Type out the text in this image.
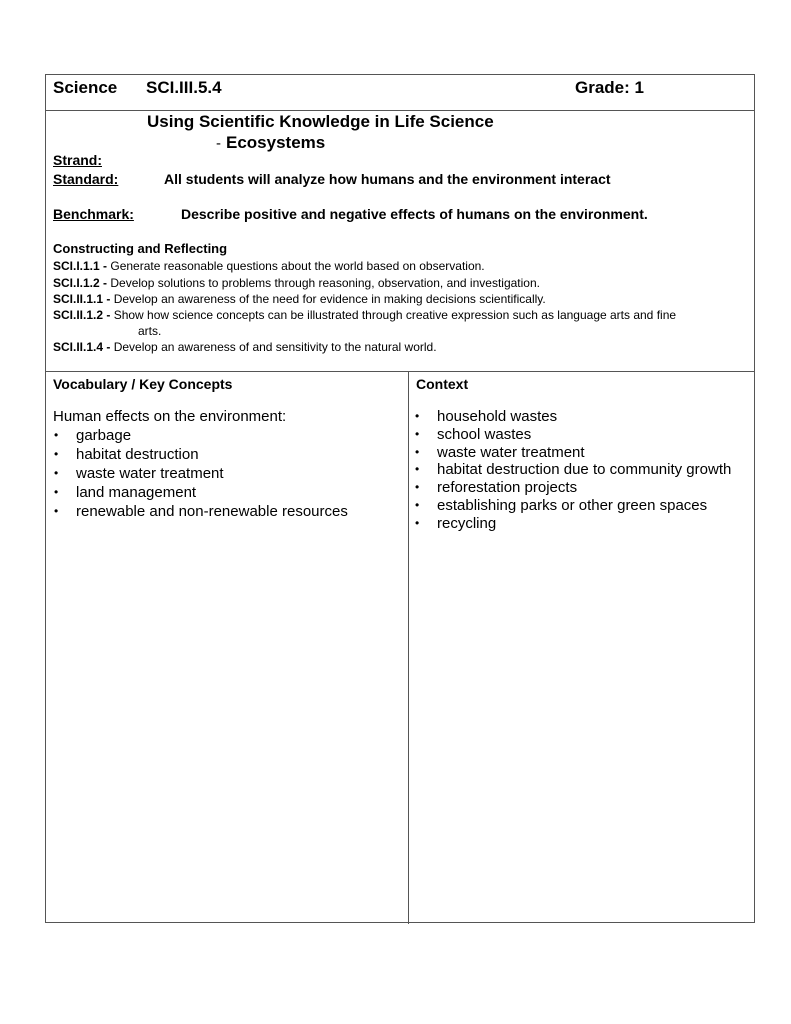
Science SCI.III.5.4	Grade: 1
Strand:
Using Scientific Knowledge in Life Science
- Ecosystems
Standard:	All students will analyze how humans and the environment interact
Benchmark:	Describe positive and negative effects of humans on the environment.
Constructing and Reflecting
SCI.I.1.1 - Generate reasonable questions about the world based on observation.
SCI.I.1.2 - Develop solutions to problems through reasoning, observation, and investigation.
SCI.II.1.1 - Develop an awareness of the need for evidence in making decisions scientifically.
SCI.II.1.2 - Show how science concepts can be illustrated through creative expression such as language arts and fine
arts.
SCI.II.1.4 - Develop an awareness of and sensitivity to the natural world.
Vocabulary / Key Concepts
Human effects on the environment:
• garbage
• habitat destruction
• waste water treatment
• land management
• renewable and non-renewable resources
Context
• household wastes
• school wastes
• waste water treatment
• habitat destruction due to community growth
• reforestation projects
• establishing parks or other green spaces
• recycling
